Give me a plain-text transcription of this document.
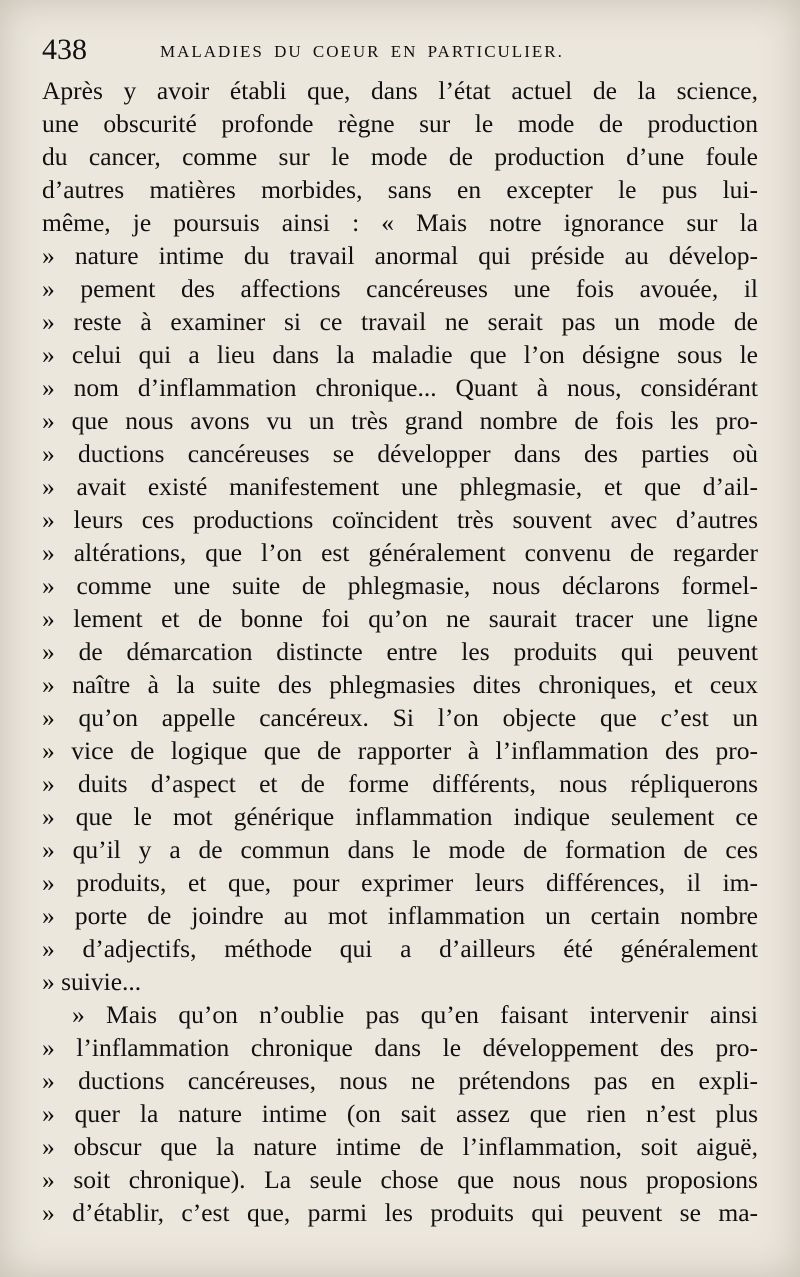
438	MALADIES DU COEUR EN PARTICULIER.
Après y avoir établi que, dans l’état actuel de la science,
une obscurité profonde règne sur le mode de production
du cancer, comme sur le mode de production d’une foule
d’autres matières morbides, sans en excepter le pus lui-
même, je poursuis ainsi : « Mais notre ignorance sur la
» nature intime du travail anormal qui préside au dévelop-
» pement des affections cancéreuses une fois avouée, il
» reste à examiner si ce travail ne serait pas un mode de
» celui qui a lieu dans la maladie que l’on désigne sous le
» nom d’inflammation chronique... Quant à nous, considérant
» que nous avons vu un très grand nombre de fois les pro-
» ductions cancéreuses se développer dans des parties où
» avait existé manifestement une phlegmasie, et que d’ail-
» leurs ces productions coïncident très souvent avec d’autres
» altérations, que l’on est généralement convenu de regarder
» comme une suite de phlegmasie, nous déclarons formel-
» lement et de bonne foi qu’on ne saurait tracer une ligne
» de démarcation distincte entre les produits qui peuvent
» naître à la suite des phlegmasies dites chroniques, et ceux
» qu’on appelle cancéreux. Si l’on objecte que c’est un
» vice de logique que de rapporter à l’inflammation des pro-
» duits d’aspect et de forme différents, nous répliquerons
» que le mot générique inflammation indique seulement ce
» qu’il y a de commun dans le mode de formation de ces
» produits, et que, pour exprimer leurs différences, il im-
» porte de joindre au mot inflammation un certain nombre
» d’adjectifs, méthode qui a d’ailleurs été généralement
» suivie...
» Mais qu’on n’oublie pas qu’en faisant intervenir ainsi
» l’inflammation chronique dans le développement des pro-
» ductions cancéreuses, nous ne prétendons pas en expli-
» quer la nature intime (on sait assez que rien n’est plus
» obscur que la nature intime de l’inflammation, soit aiguë,
» soit chronique). La seule chose que nous nous proposions
» d’établir, c’est que, parmi les produits qui peuvent se ma-
